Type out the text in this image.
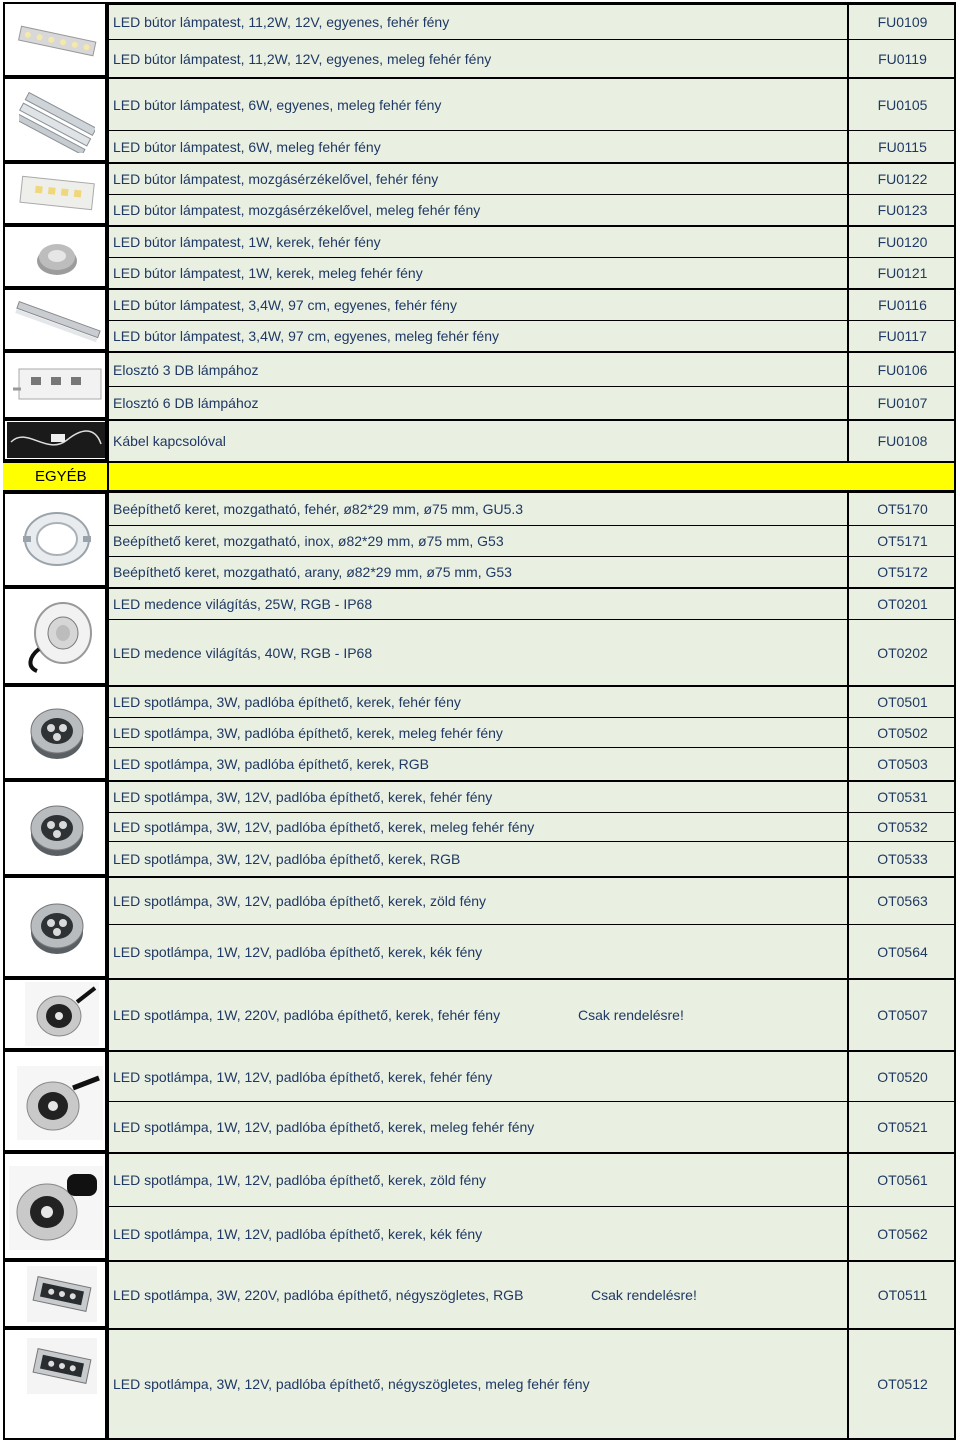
LED bútor lámpatest, 11,2W, 12V, egyenes, fehér fény	FU0109
LED bútor lámpatest, 11,2W, 12V, egyenes, meleg fehér fény	FU0119
LED bútor lámpatest, 6W, egyenes, meleg fehér fény	FU0105
LED bútor lámpatest, 6W, meleg fehér fény	FU0115
LED bútor lámpatest, mozgásérzékelővel, fehér fény	FU0122
LED bútor lámpatest, mozgásérzékelővel, meleg fehér fény	FU0123
LED bútor lámpatest, 1W, kerek, fehér fény	FU0120
LED bútor lámpatest, 1W, kerek, meleg fehér fény	FU0121
LED bútor lámpatest, 3,4W, 97 cm, egyenes, fehér fény	FU0116
LED bútor lámpatest, 3,4W, 97 cm, egyenes, meleg fehér fény	FU0117
Elosztó 3 DB lámpához	FU0106
Elosztó 6 DB lámpához	FU0107
Kábel kapcsolóval	FU0108
EGYÉB
Beépíthető keret, mozgatható, fehér, ø82*29 mm, ø75 mm, GU5.3	OT5170
Beépíthető keret, mozgatható, inox, ø82*29 mm, ø75 mm, G53	OT5171
Beépíthető keret, mozgatható, arany, ø82*29 mm, ø75 mm, G53	OT5172
LED medence világítás, 25W, RGB - IP68	OT0201
LED medence világítás, 40W, RGB - IP68	OT0202
LED spotlámpa, 3W, padlóba építhető, kerek, fehér fény	OT0501
LED spotlámpa, 3W, padlóba építhető, kerek, meleg fehér fény	OT0502
LED spotlámpa, 3W, padlóba építhető, kerek, RGB	OT0503
LED spotlámpa, 3W, 12V, padlóba építhető, kerek, fehér fény	OT0531
LED spotlámpa, 3W, 12V, padlóba építhető, kerek, meleg fehér fény	OT0532
LED spotlámpa, 3W, 12V, padlóba építhető, kerek, RGB	OT0533
LED spotlámpa, 3W, 12V, padlóba építhető, kerek, zöld fény	OT0563
LED spotlámpa, 1W, 12V, padlóba építhető, kerek, kék fény	OT0564
LED spotlámpa, 1W, 220V, padlóba építhető, kerek, fehér fény	Csak rendelésre!	OT0507
LED spotlámpa, 1W, 12V, padlóba építhető, kerek, fehér fény	OT0520
LED spotlámpa, 1W, 12V, padlóba építhető, kerek, meleg fehér fény	OT0521
LED spotlámpa, 1W, 12V, padlóba építhető, kerek, zöld fény	OT0561
LED spotlámpa, 1W, 12V, padlóba építhető, kerek, kék fény	OT0562
LED spotlámpa, 3W, 220V, padlóba építhető, négyszögletes, RGB	Csak rendelésre!	OT0511
LED spotlámpa, 3W, 12V, padlóba építhető, négyszögletes, meleg fehér fény	OT0512
